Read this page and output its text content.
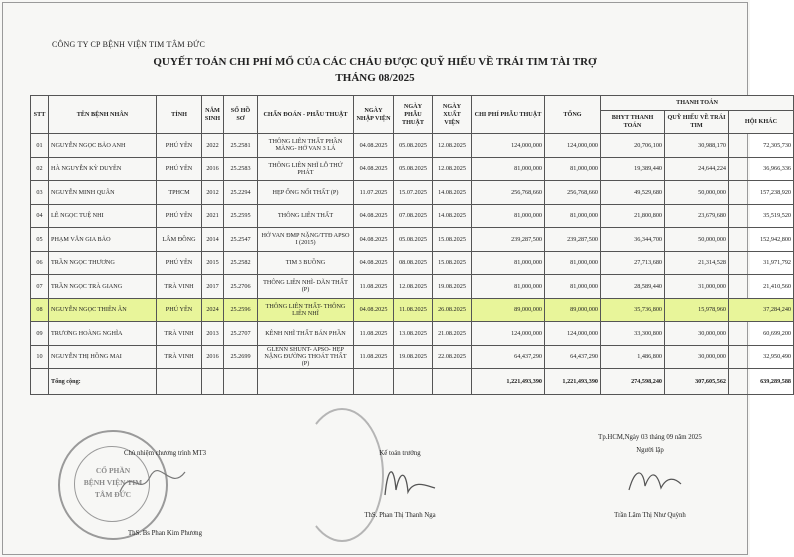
CÔNG TY CP BỆNH VIỆN TIM TÂM ĐỨC
QUYẾT TOÁN CHI PHÍ MỔ CỦA CÁC CHÁU ĐƯỢC QUỸ HIẾU VỀ TRÁI TIM TÀI TRỢ
THÁNG 08/2025
STT	TÊN BỆNH NHÂN	TỈNH	NĂM SINH	SỐ HỒ SƠ	CHẨN ĐOÁN - PHẪU THUẬT	NGÀY NHẬP VIỆN	NGÀY PHẪU THUẬT	NGÀY XUẤT VIỆN	CHI PHÍ PHẪU THUẬT	TỔNG	THANH TOÁN		
											BHYT THANH TOÁN	QUỸ HIẾU VỀ TRÁI TIM	HỘI KHÁC
01	NGUYỄN NGỌC BẢO ANH	PHÚ YÊN	2022	25.2581	THÔNG LIÊN THẤT PHẦN MÀNG- HỞ VAN 3 LÁ	04.08.2025	05.08.2025	12.08.2025	124,000,000	124,000,000	20,706,100	30,988,170	72,305,730
02	HÀ NGUYỄN KỲ DUYÊN	PHÚ YÊN	2016	25.2583	THÔNG LIÊN NHĨ LỖ THỨ PHÁT	04.08.2025	05.08.2025	12.08.2025	81,000,000	81,000,000	19,389,440	24,644,224	36,966,336
03	NGUYỄN MINH QUÂN	TPHCM	2012	25.2294	HẸP ỐNG NỐI THẤT (P)	11.07.2025	15.07.2025	14.08.2025	256,768,660	256,768,660	49,529,680	50,000,000	157,238,920
04	LÊ NGỌC TUỆ NHI	PHÚ YÊN	2021	25.2595	THÔNG LIÊN THẤT	04.08.2025	07.08.2025	14.08.2025	81,000,000	81,000,000	21,800,800	23,679,680	35,519,520
05	PHẠM VĂN GIA BẢO	LÂM ĐỒNG	2014	25.2547	HỞ VAN ĐMP NẶNG/TTĐ APSO I (2015)	04.08.2025	05.08.2025	15.08.2025	239,287,500	239,287,500	36,344,700	50,000,000	152,942,800
06	TRẦN NGỌC THƯƠNG	PHÚ YÊN	2015	25.2582	TIM 3 BUỒNG	04.08.2025	08.08.2025	15.08.2025	81,000,000	81,000,000	27,713,680	21,314,528	31,971,792
07	TRẦN NGỌC TRÀ GIANG	TRÀ VINH	2017	25.2706	THÔNG LIÊN NHĨ- DÃN THẤT (P)	11.08.2025	12.08.2025	19.08.2025	81,000,000	81,000,000	28,589,440	31,000,000	21,410,560
08	NGUYỄN NGỌC THIÊN ÂN	PHÚ YÊN	2024	25.2596	THÔNG LIÊN THẤT- THÔNG LIÊN NHĨ	04.08.2025	11.08.2025	26.08.2025	89,000,000	89,000,000	35,736,800	15,978,960	37,284,240
09	TRƯƠNG HOÀNG NGHĨA	TRÀ VINH	2013	25.2707	KÊNH NHĨ THẤT BÁN PHẦN	11.08.2025	13.08.2025	21.08.2025	124,000,000	124,000,000	33,300,800	30,000,000	60,699,200
10	NGUYỄN THỊ HỒNG MAI	TRÀ VINH	2016	25.2699	GLENN SHUNT- APSO- HẸP NẶNG ĐƯỜNG THOÁT THẤT (P)	11.08.2025	19.08.2025	22.08.2025	64,437,290	64,437,290	1,486,800	30,000,000	32,950,490
	Tổng cộng:								1,221,493,390	1,221,493,390	274,598,240	307,605,562	639,289,588
CỔ PHẦN
BỆNH VIỆN TIM
TÂM ĐỨC
Chủ nhiệm chương trình MT3
ThS. Bs Phan Kim Phương
Kế toán trưởng
ThS. Phan Thị Thanh Nga
Tp.HCM,Ngày 03 tháng 09 năm 2025
Người lập
Trần Lâm Thị Như Quỳnh
